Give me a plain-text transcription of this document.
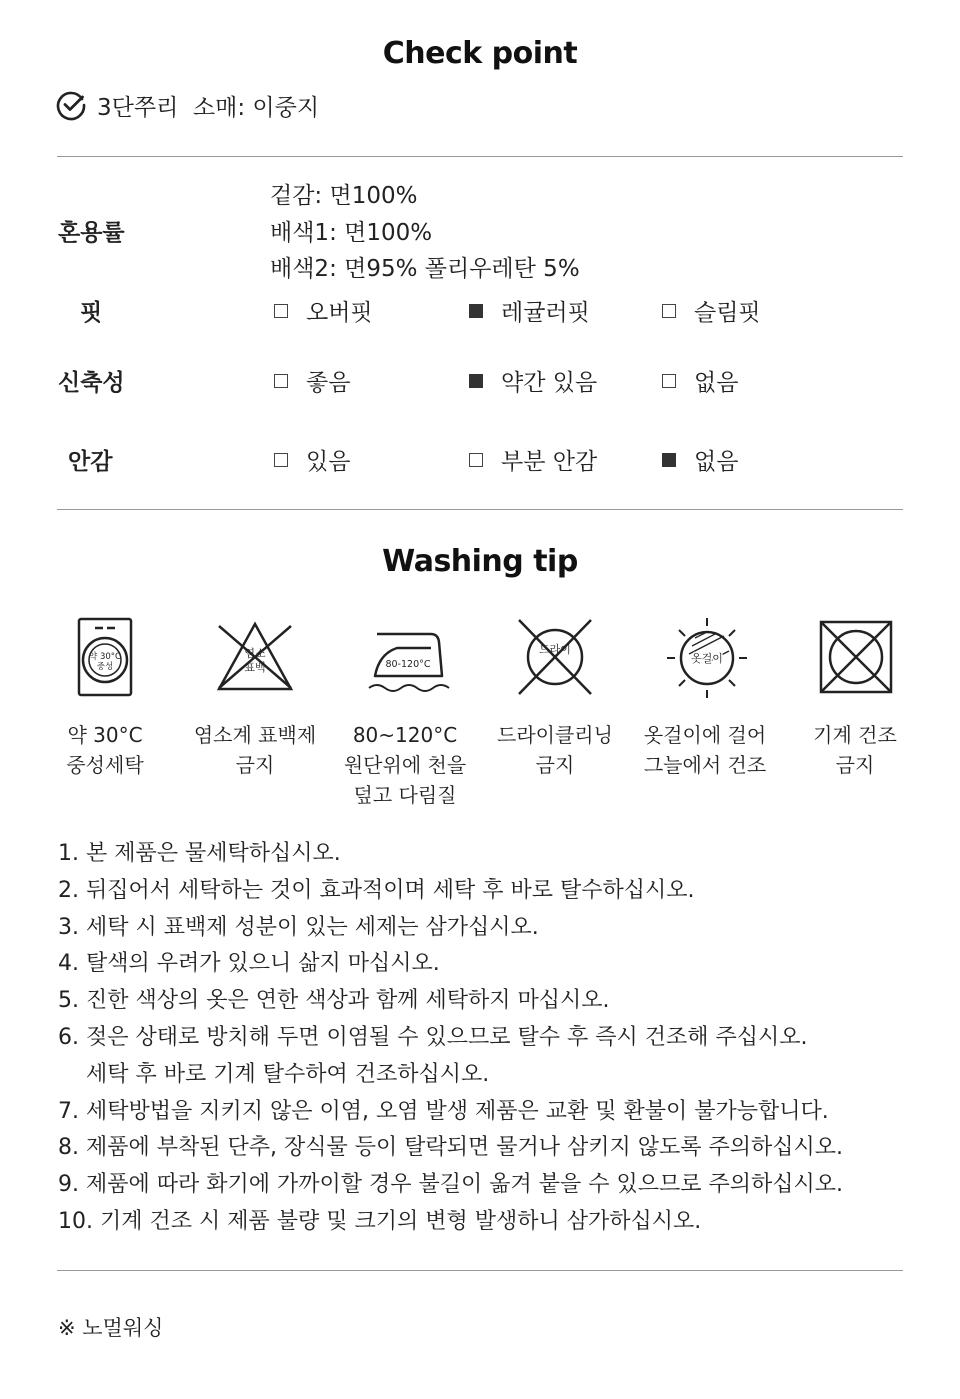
Check point
3단쭈리  소매: 이중지
혼용률
겉감: 면100%
배색1: 면100%
배색2: 면95% 폴리우레탄 5%
핏	오버핏	레귤러핏	슬림핏
신축성	좋음	약간 있음	없음
안감	있음	부분 안감	없음
Washing tip
약 30°C
중성
염소
표백	80-120°C
드라이
옷걸이
약 30°C
중성세탁
염소계 표백제
금지
80~120°C
원단위에 천을
덮고 다림질
드라이클리닝
금지
옷걸이에 걸어
그늘에서 건조
기계 건조
금지
1. 본 제품은 물세탁하십시오.
2. 뒤집어서 세탁하는 것이 효과적이며 세탁 후 바로 탈수하십시오.
3. 세탁 시 표백제 성분이 있는 세제는 삼가십시오.
4. 탈색의 우려가 있으니 삶지 마십시오.
5. 진한 색상의 옷은 연한 색상과 함께 세탁하지 마십시오.
6. 젖은 상태로 방치해 두면 이염될 수 있으므로 탈수 후 즉시 건조해 주십시오.
세탁 후 바로 기계 탈수하여 건조하십시오.
7. 세탁방법을 지키지 않은 이염, 오염 발생 제품은 교환 및 환불이 불가능합니다.
8. 제품에 부착된 단추, 장식물 등이 탈락되면 물거나 삼키지 않도록 주의하십시오.
9. 제품에 따라 화기에 가까이할 경우 불길이 옮겨 붙을 수 있으므로 주의하십시오.
10. 기계 건조 시 제품 불량 및 크기의 변형 발생하니 삼가하십시오.
※ 노멀워싱
